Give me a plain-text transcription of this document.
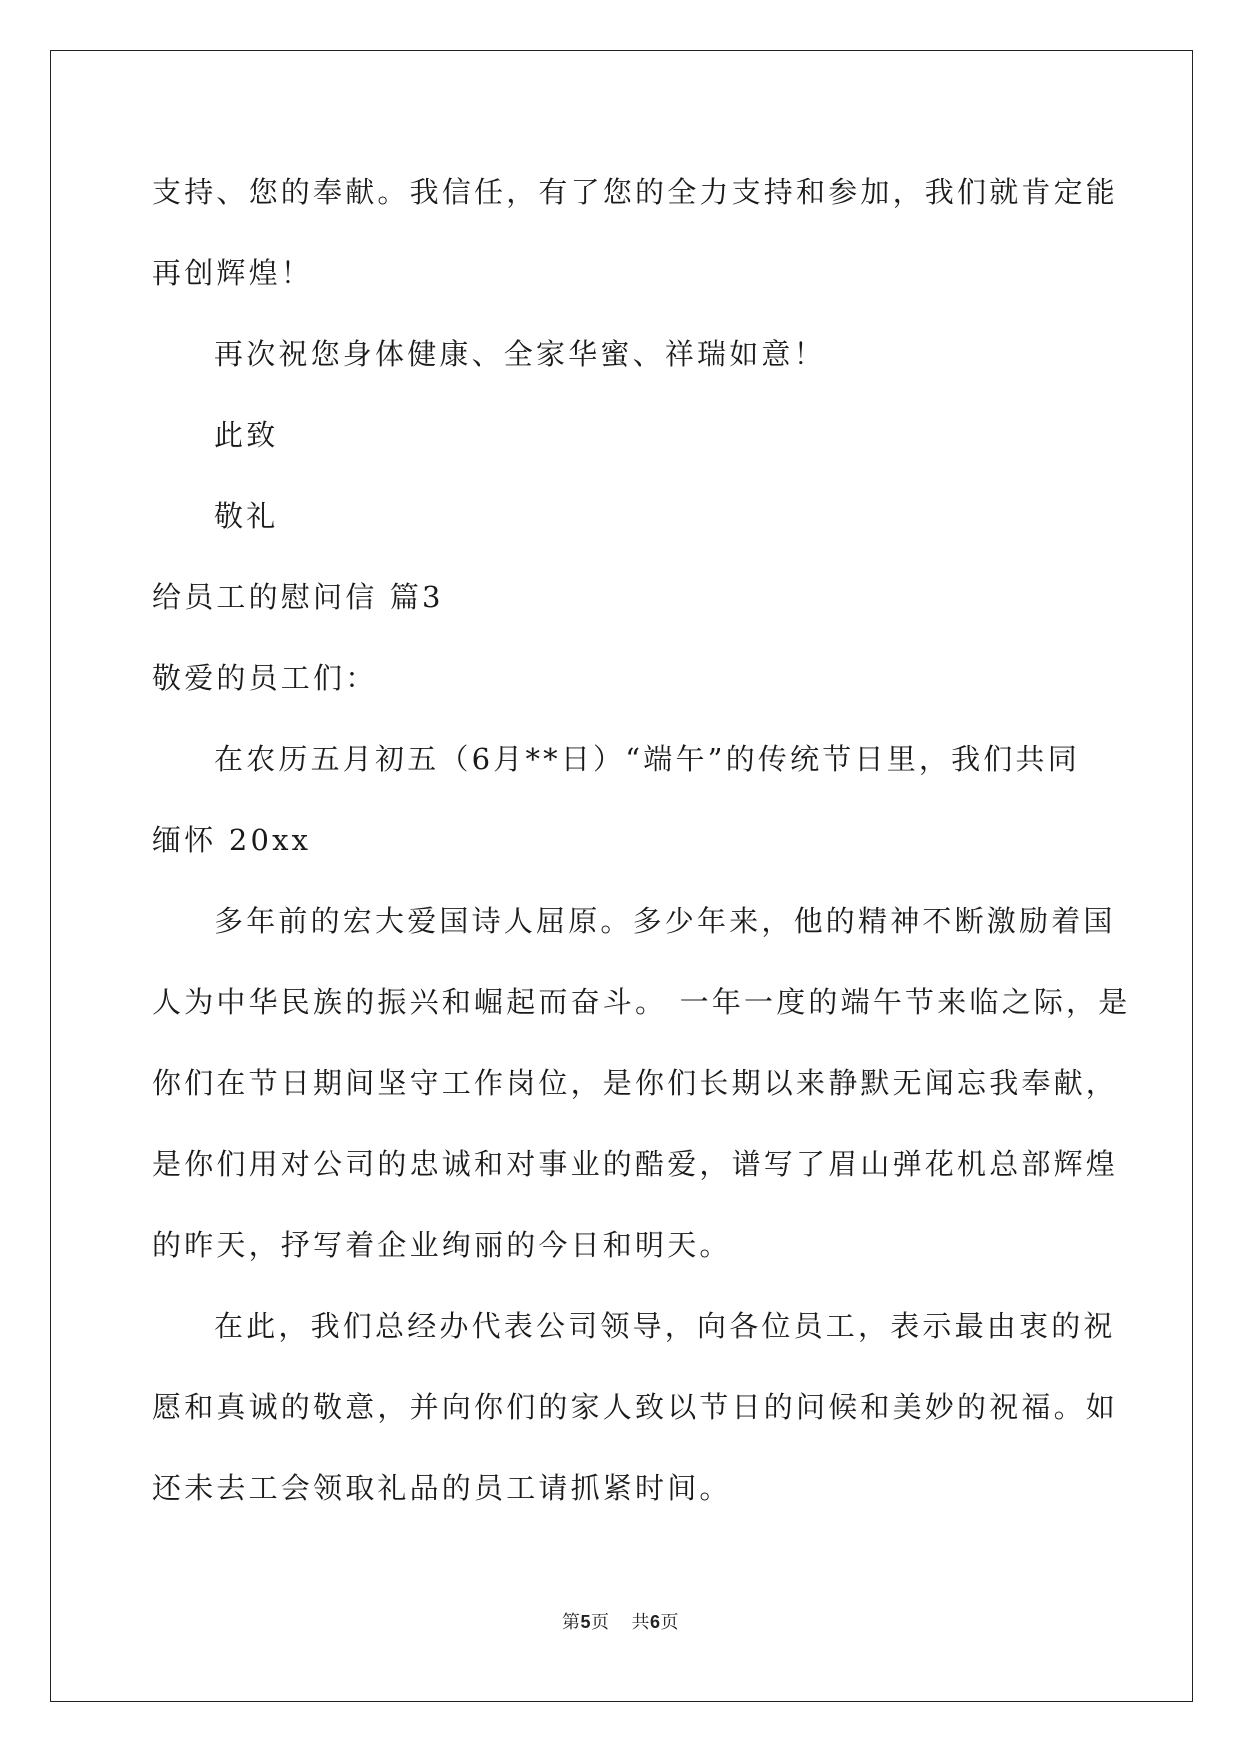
支持、您的奉献。我信任，有了您的全力支持和参加，我们就肯定能
再创辉煌！
再次祝您身体健康、全家华蜜、祥瑞如意！
此致
敬礼
给员工的慰问信 篇3
敬爱的员工们：
在农历五月初五（6月**日）“端午”的传统节日里，我们共同
缅怀 20xx
多年前的宏大爱国诗人屈原。多少年来，他的精神不断激励着国
人为中华民族的振兴和崛起而奋斗。 一年一度的端午节来临之际，是
你们在节日期间坚守工作岗位，是你们长期以来静默无闻忘我奉献，
是你们用对公司的忠诚和对事业的酷爱，谱写了眉山弹花机总部辉煌
的昨天，抒写着企业绚丽的今日和明天。
在此，我们总经办代表公司领导，向各位员工，表示最由衷的祝
愿和真诚的敬意，并向你们的家人致以节日的问候和美妙的祝福。如
还未去工会领取礼品的员工请抓紧时间。
第5页 共6页
